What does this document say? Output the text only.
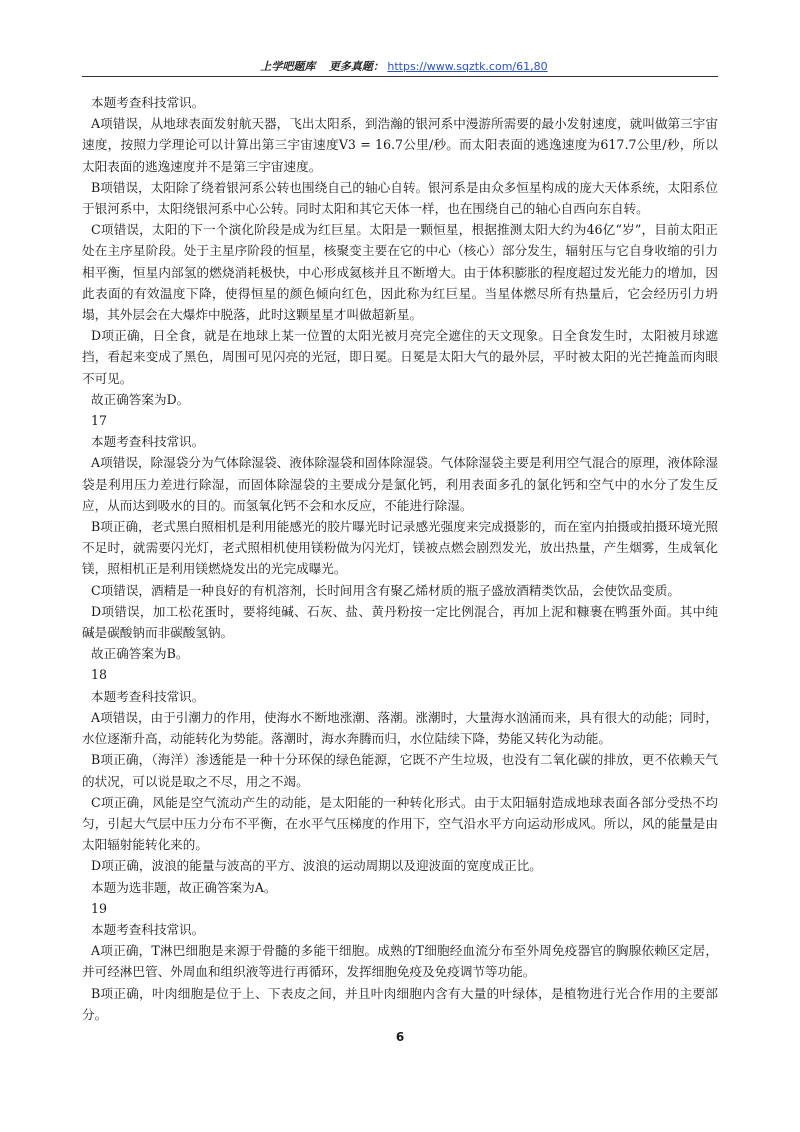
上学吧题库 更多真题： https://www.sqztk.com/61,80

本题考查科技常识。

A项错误，从地球表面发射航天器，飞出太阳系，到浩瀚的银河系中漫游所需要的最小发射速度，就叫做第三宇宙速度，按照力学理论可以计算出第三宇宙速度V3 = 16.7公里/秒。而太阳表面的逃逸速度为617.7公里/秒，所以太阳表面的逃逸速度并不是第三宇宙速度。

B项错误，太阳除了绕着银河系公转也围绕自己的轴心自转。银河系是由众多恒星构成的庞大天体系统，太阳系位于银河系中，太阳绕银河系中心公转。同时太阳和其它天体一样，也在围绕自己的轴心自西向东自转。

C项错误，太阳的下一个演化阶段是成为红巨星。太阳是一颗恒星，根据推测太阳大约为46亿“岁”，目前太阳正处在主序星阶段。处于主星序阶段的恒星，核聚变主要在它的中心（核心）部分发生，辐射压与它自身收缩的引力相平衡，恒星内部氢的燃烧消耗极快，中心形成氦核并且不断增大。由于体积膨胀的程度超过发光能力的增加，因此表面的有效温度下降，使得恒星的颜色倾向红色，因此称为红巨星。当星体燃尽所有热量后，它会经历引力坍塌，其外层会在大爆炸中脱落，此时这颗星星才叫做超新星。

D项正确，日全食，就是在地球上某一位置的太阳光被月亮完全遮住的天文现象。日全食发生时，太阳被月球遮挡，看起来变成了黑色，周围可见闪亮的光冠，即日冕。日冕是太阳大气的最外层，平时被太阳的光芒掩盖而肉眼不可见。

故正确答案为D。

17

本题考查科技常识。

A项错误，除湿袋分为气体除湿袋、液体除湿袋和固体除湿袋。气体除湿袋主要是利用空气混合的原理，液体除湿袋是利用压力差进行除湿，而固体除湿袋的主要成分是氯化钙，利用表面多孔的氯化钙和空气中的水分了发生反应，从而达到吸水的目的。而氢氧化钙不会和水反应，不能进行除湿。

B项正确，老式黑白照相机是利用能感光的胶片曝光时记录感光强度来完成摄影的，而在室内拍摄或拍摄环境光照不足时，就需要闪光灯，老式照相机使用镁粉做为闪光灯，镁被点燃会剧烈发光，放出热量，产生烟雾，生成氧化镁，照相机正是利用镁燃烧发出的光完成曝光。

C项错误，酒精是一种良好的有机溶剂，长时间用含有聚乙烯材质的瓶子盛放酒精类饮品，会使饮品变质。

D项错误，加工松花蛋时，要将纯碱、石灰、盐、黄丹粉按一定比例混合，再加上泥和糠裹在鸭蛋外面。其中纯碱是碳酸钠而非碳酸氢钠。

故正确答案为B。

18

本题考查科技常识。

A项错误，由于引潮力的作用，使海水不断地涨潮、落潮。涨潮时，大量海水汹涌而来，具有很大的动能；同时，水位逐渐升高，动能转化为势能。落潮时，海水奔腾而归，水位陆续下降，势能又转化为动能。

B项正确，（海洋）渗透能是一种十分环保的绿色能源，它既不产生垃圾，也没有二氧化碳的排放，更不依赖天气的状况，可以说是取之不尽，用之不竭。

C项正确，风能是空气流动产生的动能，是太阳能的一种转化形式。由于太阳辐射造成地球表面各部分受热不均匀，引起大气层中压力分布不平衡，在水平气压梯度的作用下，空气沿水平方向运动形成风。所以，风的能量是由太阳辐射能转化来的。

D项正确，波浪的能量与波高的平方、波浪的运动周期以及迎波面的宽度成正比。

本题为选非题，故正确答案为A。

19

本题考查科技常识。

A项正确，T淋巴细胞是来源于骨髓的多能干细胞。成熟的T细胞经血流分布至外周免疫器官的胸腺依赖区定居，并可经淋巴管、外周血和组织液等进行再循环，发挥细胞免疫及免疫调节等功能。

B项正确，叶肉细胞是位于上、下表皮之间，并且叶肉细胞内含有大量的叶绿体，是植物进行光合作用的主要部分。

6
